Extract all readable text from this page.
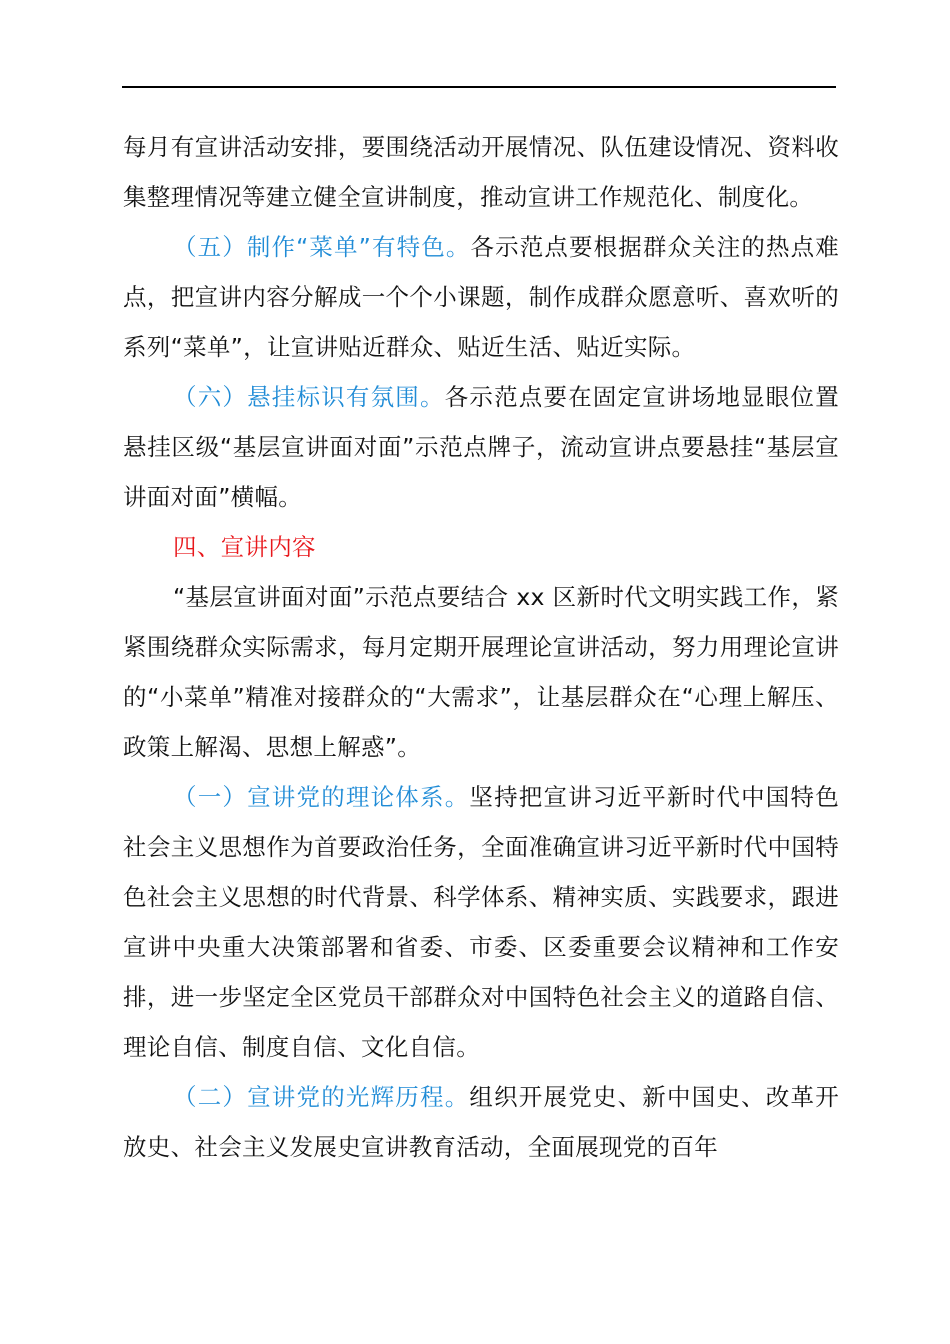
每月有宣讲活动安排，要围绕活动开展情况、队伍建设情况、资料收集整理情况等建立健全宣讲制度，推动宣讲工作规范化、制度化。

（五）制作“菜单”有特色。各示范点要根据群众关注的热点难点，把宣讲内容分解成一个个小课题，制作成群众愿意听、喜欢听的系列“菜单”，让宣讲贴近群众、贴近生活、贴近实际。

（六）悬挂标识有氛围。各示范点要在固定宣讲场地显眼位置悬挂区级“基层宣讲面对面”示范点牌子，流动宣讲点要悬挂“基层宣讲面对面”横幅。

四、宣讲内容

“基层宣讲面对面”示范点要结合 xx 区新时代文明实践工作，紧紧围绕群众实际需求，每月定期开展理论宣讲活动，努力用理论宣讲的“小菜单”精准对接群众的“大需求”，让基层群众在“心理上解压、政策上解渴、思想上解惑”。

（一）宣讲党的理论体系。坚持把宣讲习近平新时代中国特色社会主义思想作为首要政治任务，全面准确宣讲习近平新时代中国特色社会主义思想的时代背景、科学体系、精神实质、实践要求，跟进宣讲中央重大决策部署和省委、市委、区委重要会议精神和工作安排，进一步坚定全区党员干部群众对中国特色社会主义的道路自信、理论自信、制度自信、文化自信。

（二）宣讲党的光辉历程。组织开展党史、新中国史、改革开放史、社会主义发展史宣讲教育活动，全面展现党的百年
